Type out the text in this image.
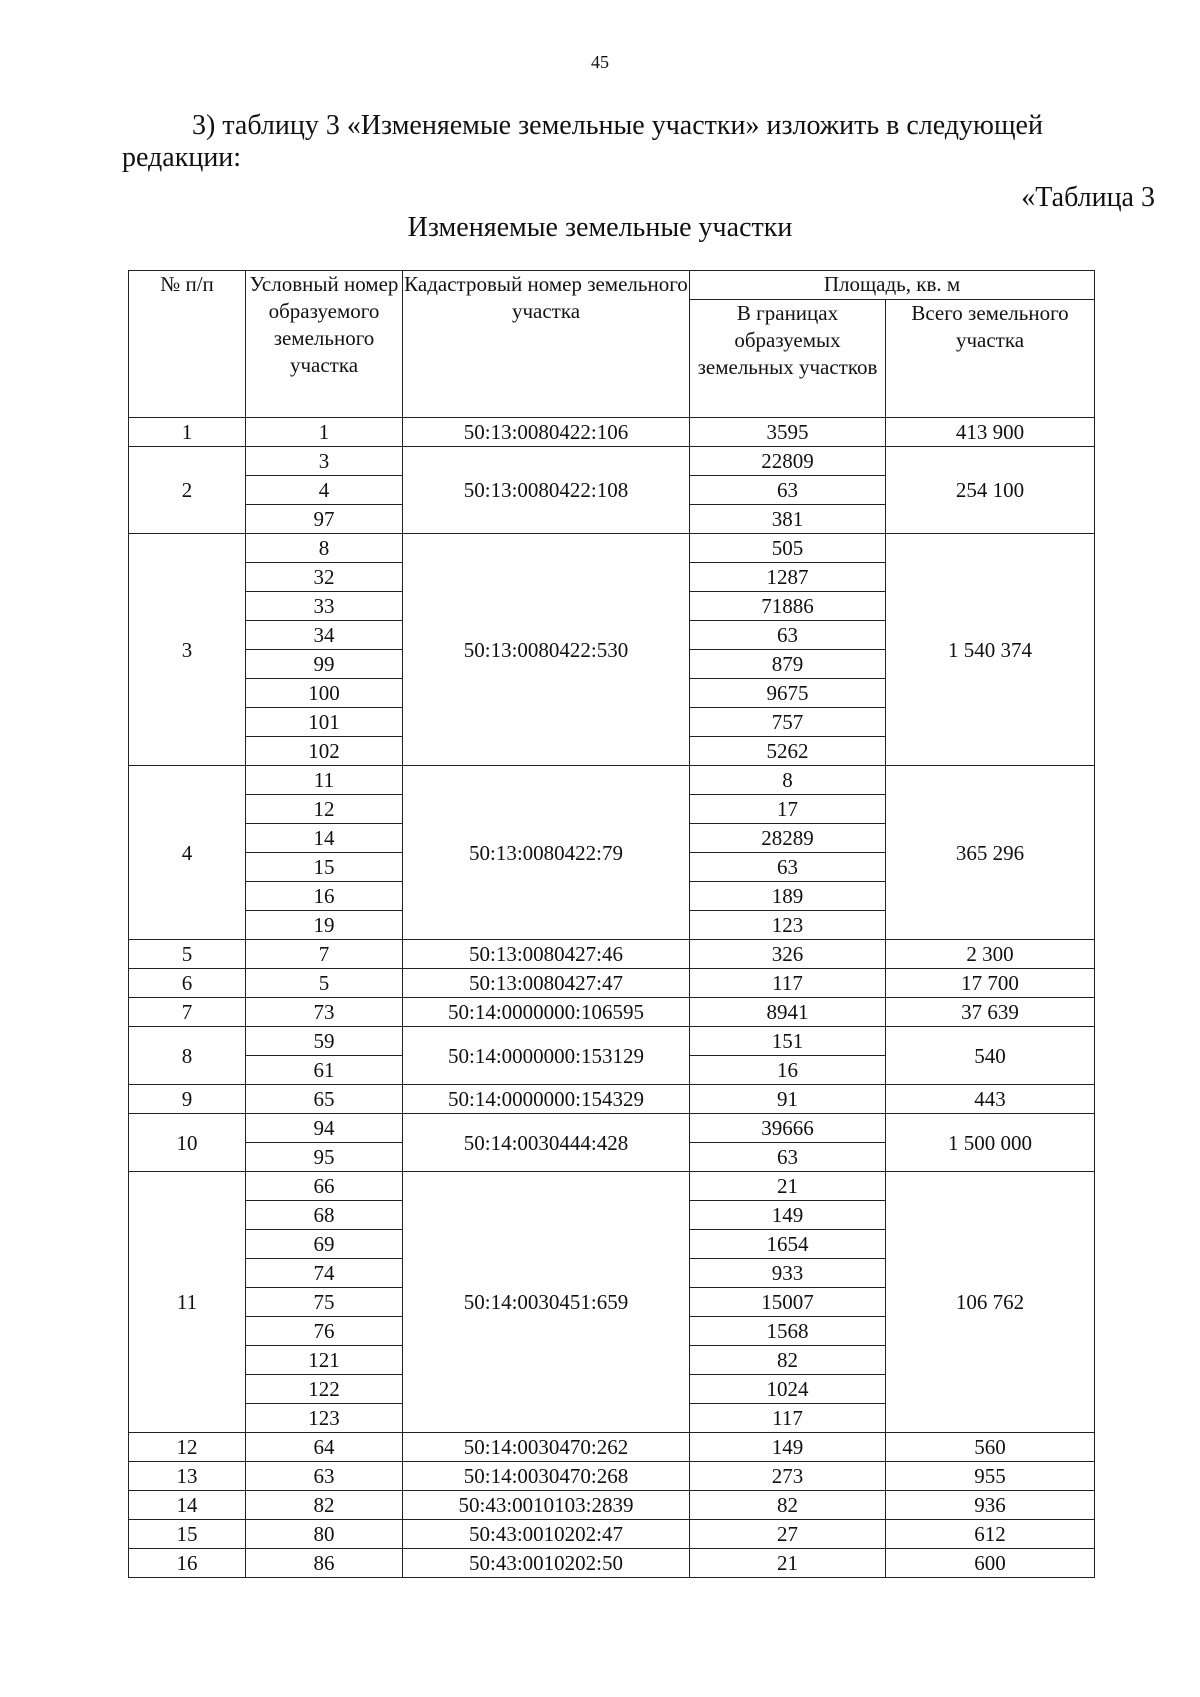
45
3) таблицу 3 «Изменяемые земельные участки» изложить в следующей редакции:
«Таблица 3
Изменяемые земельные участки
№ п/п	Условный номер образуемого земельного участка	Кадастровый номер земельного участка	Площадь, кв. м	
			В границах образуемых земельных участков	Всего земельного участка
1	1	50:13:0080422:106	3595	413 900
2	3	50:13:0080422:108	22809	254 100
	4		63	
	97		381	
3	8	50:13:0080422:530	505	1 540 374
	32		1287	
	33		71886	
	34		63	
	99		879	
	100		9675	
	101		757	
	102		5262	
4	11	50:13:0080422:79	8	365 296
	12		17	
	14		28289	
	15		63	
	16		189	
	19		123	
5	7	50:13:0080427:46	326	2 300
6	5	50:13:0080427:47	117	17 700
7	73	50:14:0000000:106595	8941	37 639
8	59	50:14:0000000:153129	151	540
	61		16	
9	65	50:14:0000000:154329	91	443
10	94	50:14:0030444:428	39666	1 500 000
	95		63	
11	66	50:14:0030451:659	21	106 762
	68		149	
	69		1654	
	74		933	
	75		15007	
	76		1568	
	121		82	
	122		1024	
	123		117	
12	64	50:14:0030470:262	149	560
13	63	50:14:0030470:268	273	955
14	82	50:43:0010103:2839	82	936
15	80	50:43:0010202:47	27	612
16	86	50:43:0010202:50	21	600
